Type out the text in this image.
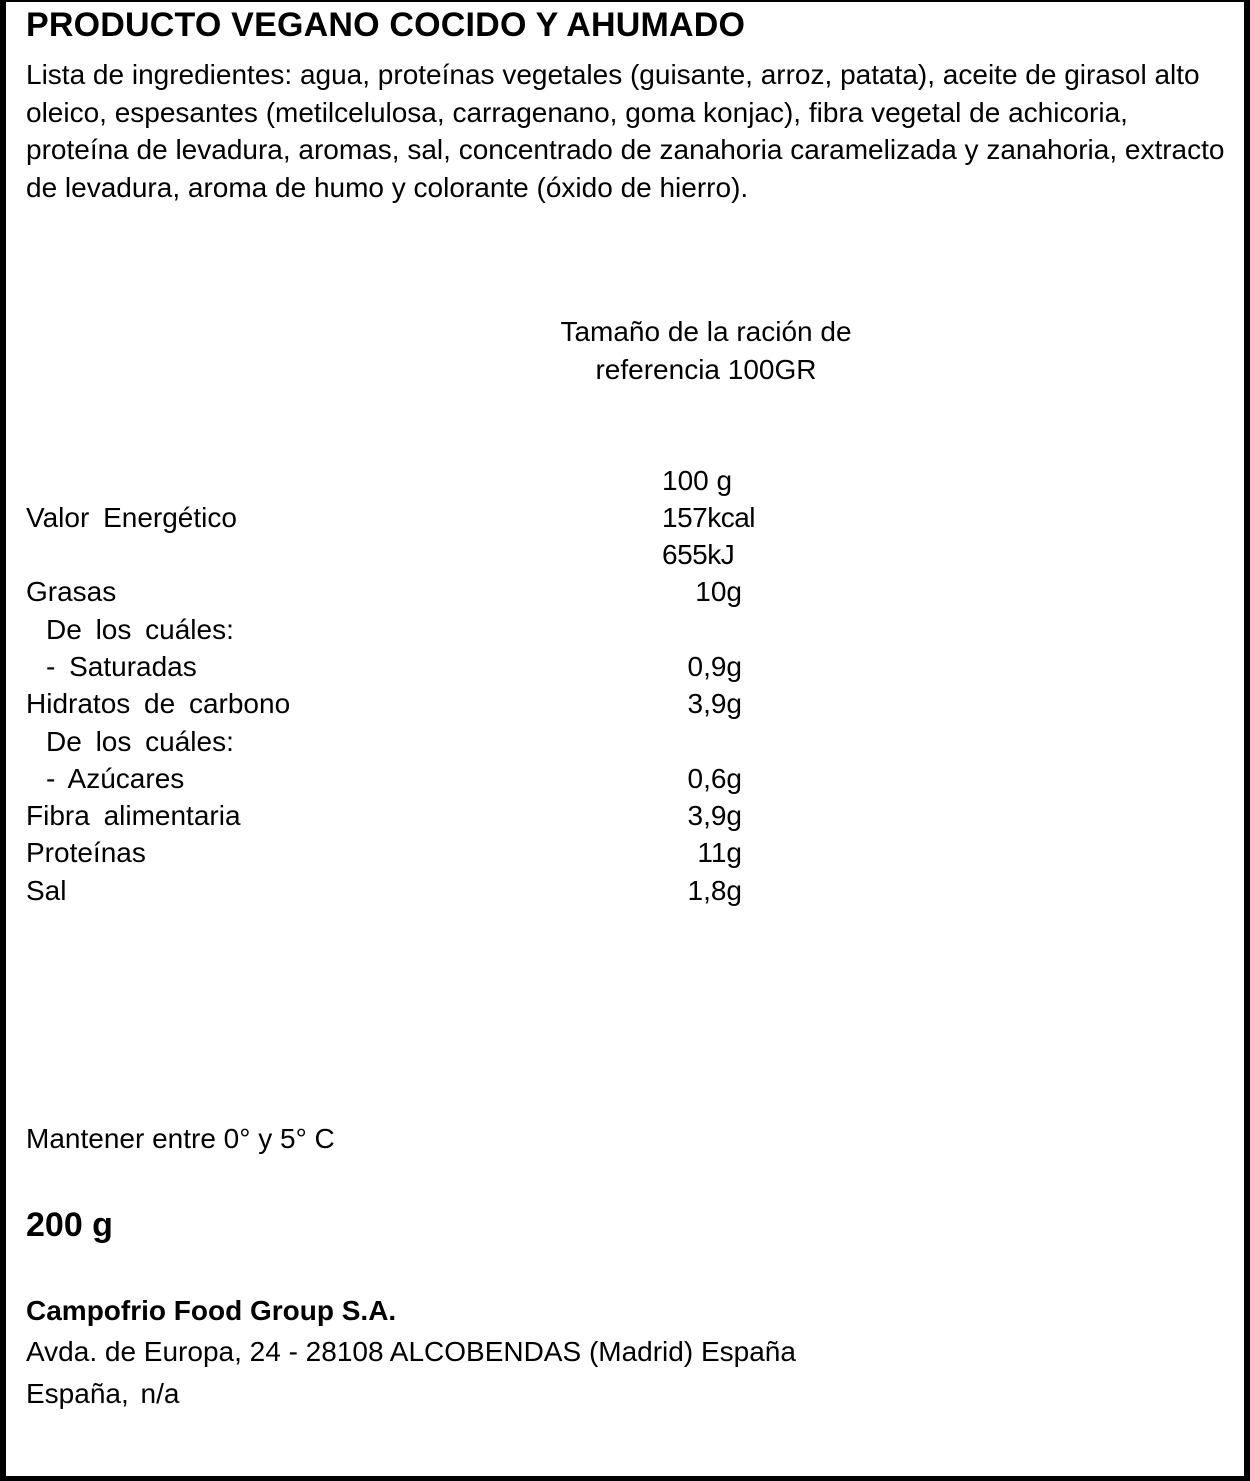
PRODUCTO VEGANO COCIDO Y AHUMADO
Lista de ingredientes: agua, proteínas vegetales (guisante, arroz, patata), aceite de girasol alto oleico, espesantes (metilcelulosa, carragenano, goma konjac), fibra vegetal de achicoria, proteína de levadura, aromas, sal, concentrado de zanahoria caramelizada y zanahoria, extracto de levadura, aroma de humo y colorante (óxido de hierro).
Tamaño de la ración de
referencia 100GR
100 g
Valor Energético	157kcal
655kJ
Grasas	10g
De los cuáles:
- Saturadas	0,9g
Hidratos de carbono	3,9g
De los cuáles:
- Azúcares	0,6g
Fibra alimentaria	3,9g
Proteínas	11g
Sal	1,8g
Mantener entre 0° y 5° C
200 g
Campofrio Food Group S.A.
Avda. de Europa, 24 - 28108 ALCOBENDAS (Madrid) España
España, n/a
